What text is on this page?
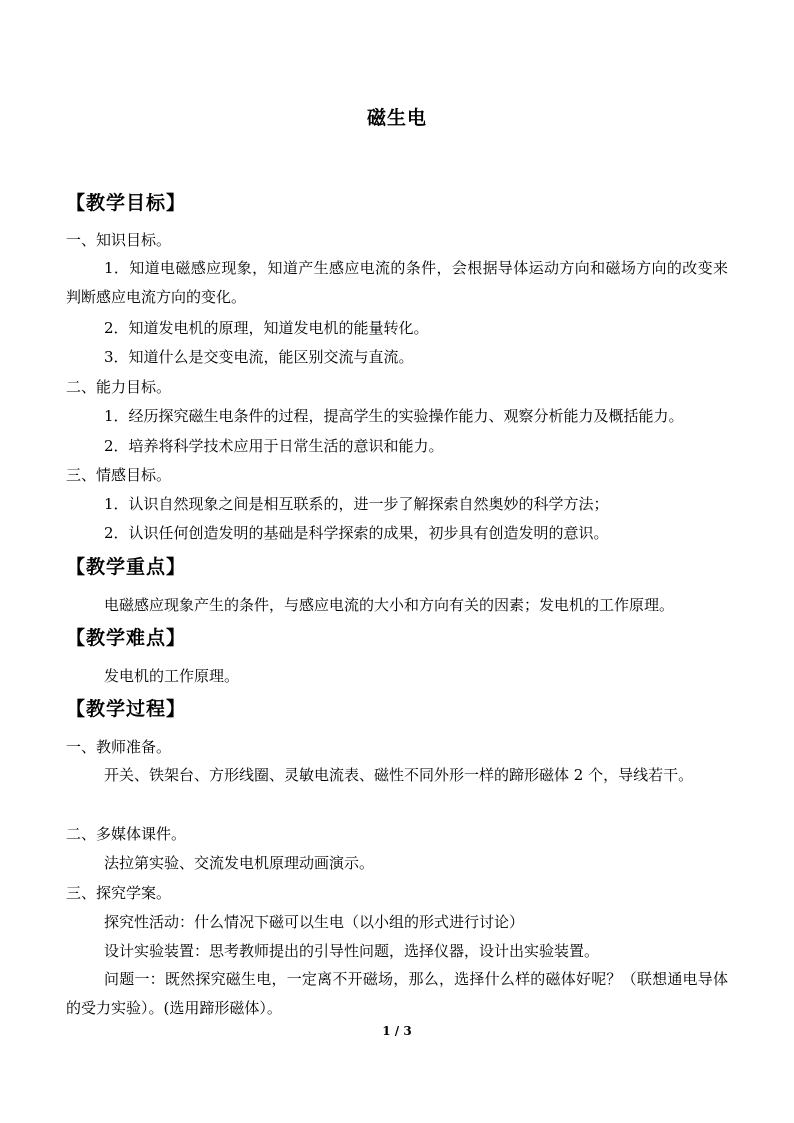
磁生电
【教学目标】
一、知识目标。
1．知道电磁感应现象，知道产生感应电流的条件，会根据导体运动方向和磁场方向的改变来判断感应电流方向的变化。
2．知道发电机的原理，知道发电机的能量转化。
3．知道什么是交变电流，能区别交流与直流。
二、能力目标。
1．经历探究磁生电条件的过程，提高学生的实验操作能力、观察分析能力及概括能力。
2．培养将科学技术应用于日常生活的意识和能力。
三、情感目标。
1．认识自然现象之间是相互联系的，进一步了解探索自然奥妙的科学方法；
2．认识任何创造发明的基础是科学探索的成果，初步具有创造发明的意识。
【教学重点】
电磁感应现象产生的条件，与感应电流的大小和方向有关的因素；发电机的工作原理。
【教学难点】
发电机的工作原理。
【教学过程】
一、教师准备。
开关、铁架台、方形线圈、灵敏电流表、磁性不同外形一样的蹄形磁体 2 个，导线若干。
二、多媒体课件。
法拉第实验、交流发电机原理动画演示。
三、探究学案。
探究性活动：什么情况下磁可以生电（以小组的形式进行讨论）
设计实验装置：思考教师提出的引导性问题，选择仪器，设计出实验装置。
问题一：既然探究磁生电，一定离不开磁场，那么，选择什么样的磁体好呢？（联想通电导体的受力实验）。(选用蹄形磁体）。
1 / 3
